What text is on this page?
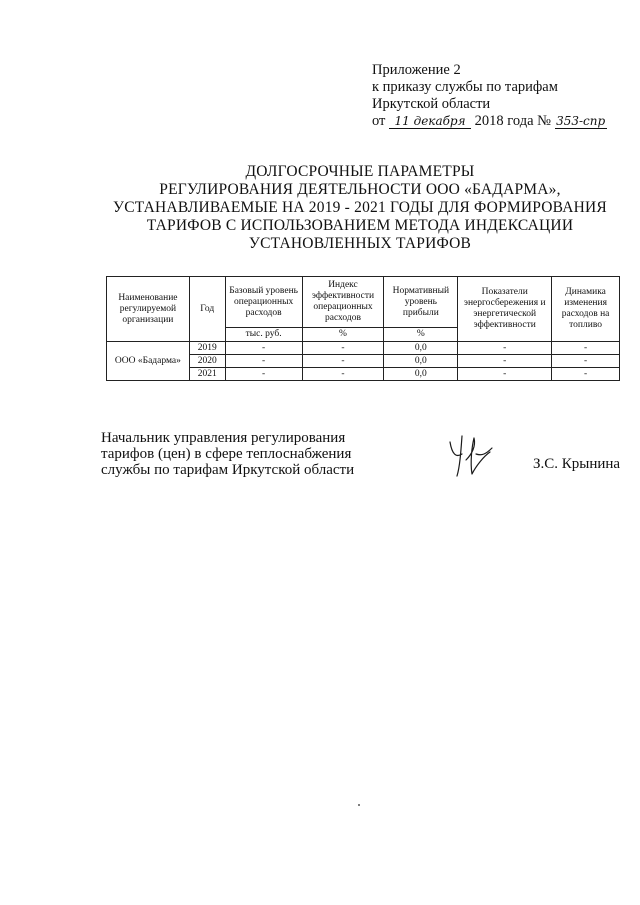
Приложение 2
к приказу службы по тарифам
Иркутской области
от 11 декабря 2018 года № 353-спр
ДОЛГОСРОЧНЫЕ ПАРАМЕТРЫ
РЕГУЛИРОВАНИЯ ДЕЯТЕЛЬНОСТИ ООО «БАДАРМА»,
УСТАНАВЛИВАЕМЫЕ НА 2019 - 2021 ГОДЫ ДЛЯ ФОРМИРОВАНИЯ
ТАРИФОВ С ИСПОЛЬЗОВАНИЕМ МЕТОДА ИНДЕКСАЦИИ
УСТАНОВЛЕННЫХ ТАРИФОВ
Наименование регулируемой организации	Год	Базовый уровень операционных расходов	Индекс эффективности операционных расходов	Нормативный уровень прибыли	Показатели энергосбережения и энергетической эффективности	Динамика изменения расходов на топливо
		тыс. руб.	%	%		
ООО «Бадарма»	2019	-	-	0,0	-	-
	2020	-	-	0,0	-	-
	2021	-	-	0,0	-	-
Начальник управления регулирования
тарифов (цен) в сфере теплоснабжения
службы по тарифам Иркутской области	З.С. Крынина
